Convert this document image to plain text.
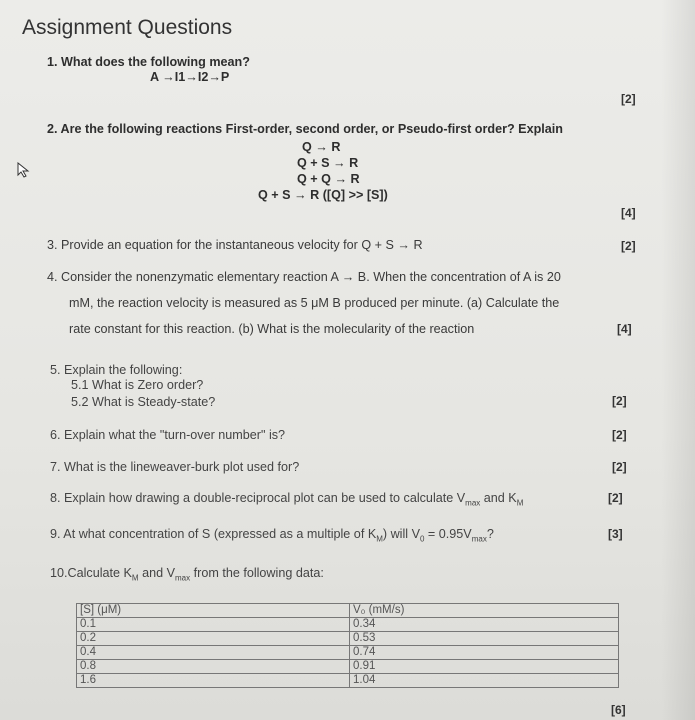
Assignment Questions
1. What does the following mean?
A →I1→I2→P
[2]
2. Are the following reactions First-order, second order, or Pseudo-first order? Explain
Q → R
Q + S → R
Q + Q → R
Q + S → R ([Q] >> [S])
[4]
3. Provide an equation for the instantaneous velocity for Q + S → R	[2]
4. Consider the nonenzymatic elementary reaction A → B. When the concentration of A is 20
mM, the reaction velocity is measured as 5 μM B produced per minute. (a) Calculate the
rate constant for this reaction. (b) What is the molecularity of the reaction	[4]
5. Explain the following:
5.1 What is Zero order?
5.2 What is Steady-state?	[2]
6. Explain what the "turn-over number" is?	[2]
7. What is the lineweaver-burk plot used for?	[2]
8. Explain how drawing a double-reciprocal plot can be used to calculate $V_{max}$ and $K_M$	[2]
9. At what concentration of S (expressed as a multiple of $K_M$) will $V_0 = 0.95V_{max}$?	[3]
10.Calculate $K_M$ and $V_{max}$ from the following data:
[S] (μM)	V₀ (mM/s)
0.1	0.34
0.2	0.53
0.4	0.74
0.8	0.91
1.6	1.04
[6]
